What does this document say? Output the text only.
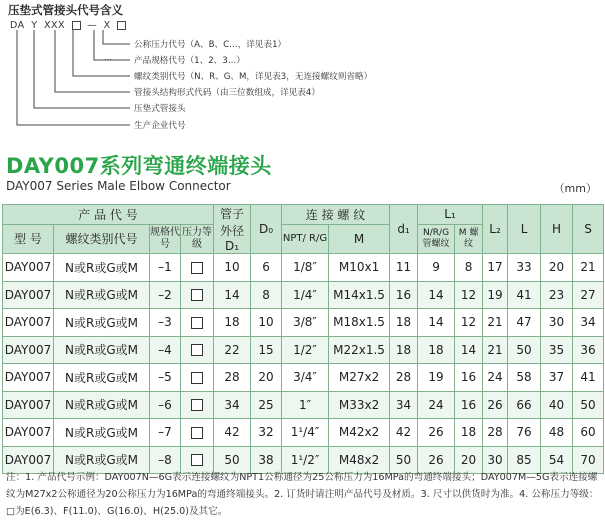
压垫式管接头代号含义
DA Y XXX — X
⋯
公称压力代号（A、B、C…，详见表1）
产品规格代号（1、2、3…）
螺纹类别代号（N、R、G、M，详见表3，无连接螺纹则省略）
管接头结构形式代码（由三位数组成，详见表4）
压垫式管接头
生产企业代号
DAY007系列弯通终端接头
DAY007 Series Male Elbow Connector	（mm）
产 品 代 号				管子
外径
D₁	D₀	连 接 螺 纹		d₁	L₁		L₂	L	H	S
型 号	螺纹类别代号	规格代号	压力等级			NPT/ R/G	M		N/R/G 管螺纹	M 螺纹				
DAY007	N或R或G或M	–1		10	6	1/8″	M10x1	11	9	8	17	33	20	21
DAY007	N或R或G或M	–2		14	8	1/4″	M14x1.5	16	14	12	19	41	23	27
DAY007	N或R或G或M	–3		18	10	3/8″	M18x1.5	18	14	12	21	47	30	34
DAY007	N或R或G或M	–4		22	15	1/2″	M22x1.5	18	18	14	21	50	35	36
DAY007	N或R或G或M	–5		28	20	3/4″	M27x2	28	19	16	24	58	37	41
DAY007	N或R或G或M	–6		34	25	1″	M33x2	34	24	16	26	66	40	50
DAY007	N或R或G或M	–7		42	32	1¹/4″	M42x2	42	26	18	28	76	48	60
DAY007	N或R或G或M	–8		50	38	1¹/2″	M48x2	50	26	20	30	85	54	70
注：1. 产品代号示例：DAY007N—6G表示连接螺纹为NPT1公称通径为25公称压力为16MPa的弯通终端接头；DAY007M—5G表示连接螺纹为M27x2公称通径为20公称压力为16MPa的弯通终端接头。2. 订货时请注明产品代号及材质。3. 尺寸以供货时为准。4. 公称压力等级：□为E(6.3)、F(11.0)、G(16.0)、H(25.0)及其它。
